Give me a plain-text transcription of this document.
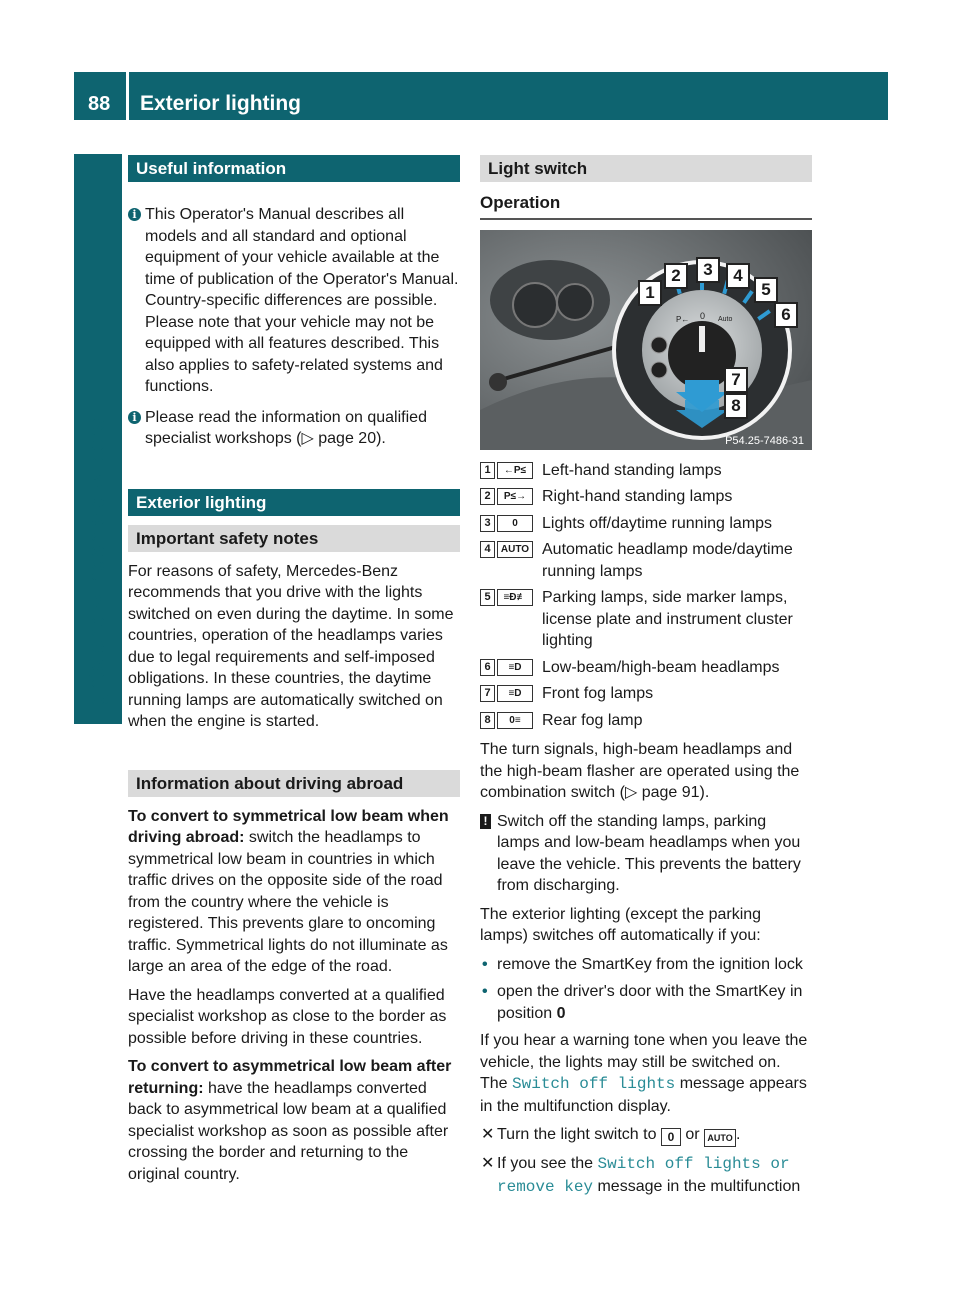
88 Exterior lighting
Lights and windshield wipers
Useful information
i This Operator's Manual describes all models and all standard and optional equipment of your vehicle available at the time of publication of the Operator's Manual. Country-specific differences are possible. Please note that your vehicle may not be equipped with all features described. This also applies to safety-related systems and functions.
i Please read the information on qualified specialist workshops (▷ page 20).
Exterior lighting
Important safety notes

For reasons of safety, Mercedes-Benz recommends that you drive with the lights switched on even during the daytime. In some countries, operation of the headlamps varies due to legal requirements and self-imposed obligations. In these countries, the daytime running lamps are automatically switched on when the engine is started.

Information about driving abroad

To convert to symmetrical low beam when driving abroad: switch the headlamps to symmetrical low beam in countries in which traffic drives on the opposite side of the road from the country where the vehicle is registered. This prevents glare to oncoming traffic. Symmetrical lights do not illuminate as large an area of the edge of the road.

Have the headlamps converted at a qualified specialist workshop as close to the border as possible before driving in these countries.

To convert to asymmetrical low beam after returning: have the headlamps converted back to asymmetrical low beam at a qualified specialist workshop as soon as possible after crossing the border and returning to the original country.

Light switch
Operation
P← 0 Auto
P54.25-7486-31
1
2	3	4
5
6
7
8
1	←P≤ Left-hand standing lamps
2	P≤→ Right-hand standing lamps
3	0	Lights off/daytime running lamps
4	AUTO Automatic headlamp mode/daytime running lamps
5	≡Ð≢ Parking lamps, side marker lamps, license plate and instrument cluster lighting
6	≡D	Low-beam/high-beam headlamps
7	≡D	Front fog lamps
8	0≡	Rear fog lamp

The turn signals, high-beam headlamps and the high-beam flasher are operated using the combination switch (▷ page 91).

! Switch off the standing lamps, parking lamps and low-beam headlamps when you leave the vehicle. This prevents the battery from discharging.

The exterior lighting (except the parking lamps) switches off automatically if you:

• remove the SmartKey from the ignition lock
• open the driver's door with the SmartKey in position 0

If you hear a warning tone when you leave the vehicle, the lights may still be switched on. The Switch off lights message appears in the multifunction display.

✕ Turn the light switch to 0 or AUTO .
✕ If you see the Switch off lights or remove key message in the multifunction
